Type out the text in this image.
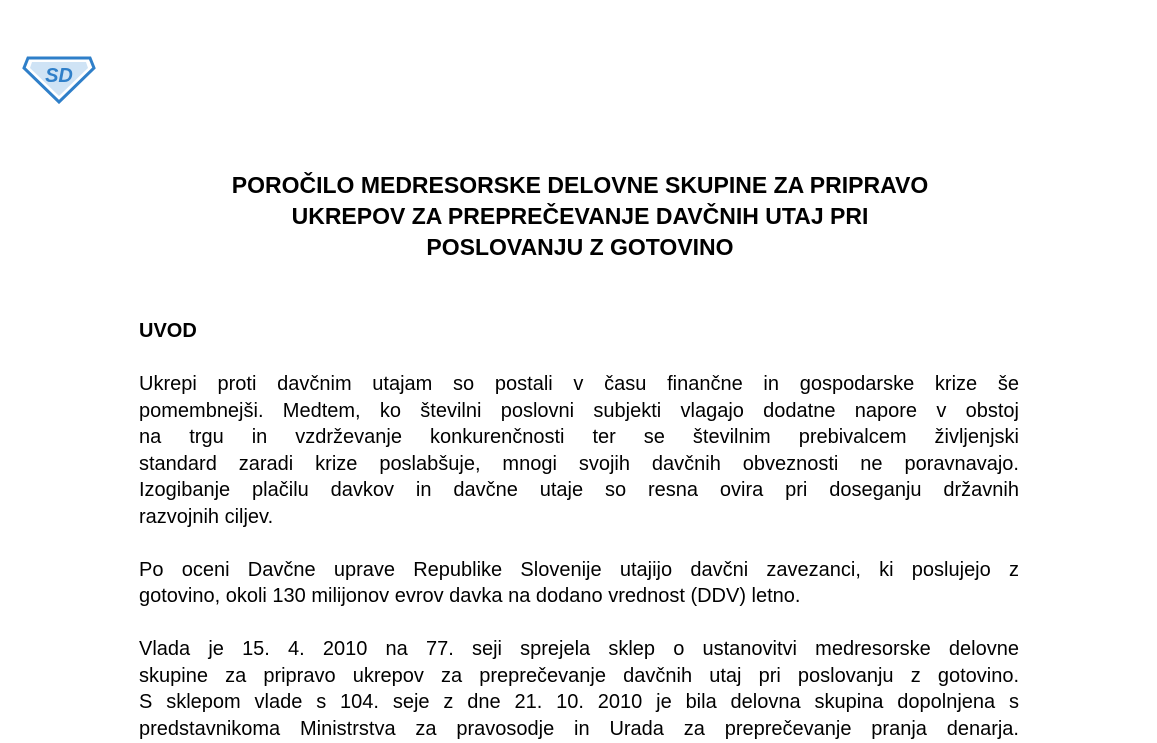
SD
POROČILO MEDRESORSKE DELOVNE SKUPINE ZA PRIPRAVO
UKREPOV ZA PREPREČEVANJE DAVČNIH UTAJ PRI
POSLOVANJU Z GOTOVINO
UVOD

Ukrepi proti davčnim utajam so postali v času finančne in gospodarske krize še
pomembnejši. Medtem, ko številni poslovni subjekti vlagajo dodatne napore v obstoj
na trgu in vzdrževanje konkurenčnosti ter se številnim prebivalcem življenjski
standard zaradi krize poslabšuje, mnogi svojih davčnih obveznosti ne poravnavajo.
Izogibanje plačilu davkov in davčne utaje so resna ovira pri doseganju državnih
razvojnih ciljev.

Po oceni Davčne uprave Republike Slovenije utajijo davčni zavezanci, ki poslujejo z
gotovino, okoli 130 milijonov evrov davka na dodano vrednost (DDV) letno.

Vlada je 15. 4. 2010 na 77. seji sprejela sklep o ustanovitvi medresorske delovne
skupine za pripravo ukrepov za preprečevanje davčnih utaj pri poslovanju z gotovino.
S sklepom vlade s 104. seje z dne 21. 10. 2010 je bila delovna skupina dopolnjena s
predstavnikoma Ministrstva za pravosodje in Urada za preprečevanje pranja denarja.
